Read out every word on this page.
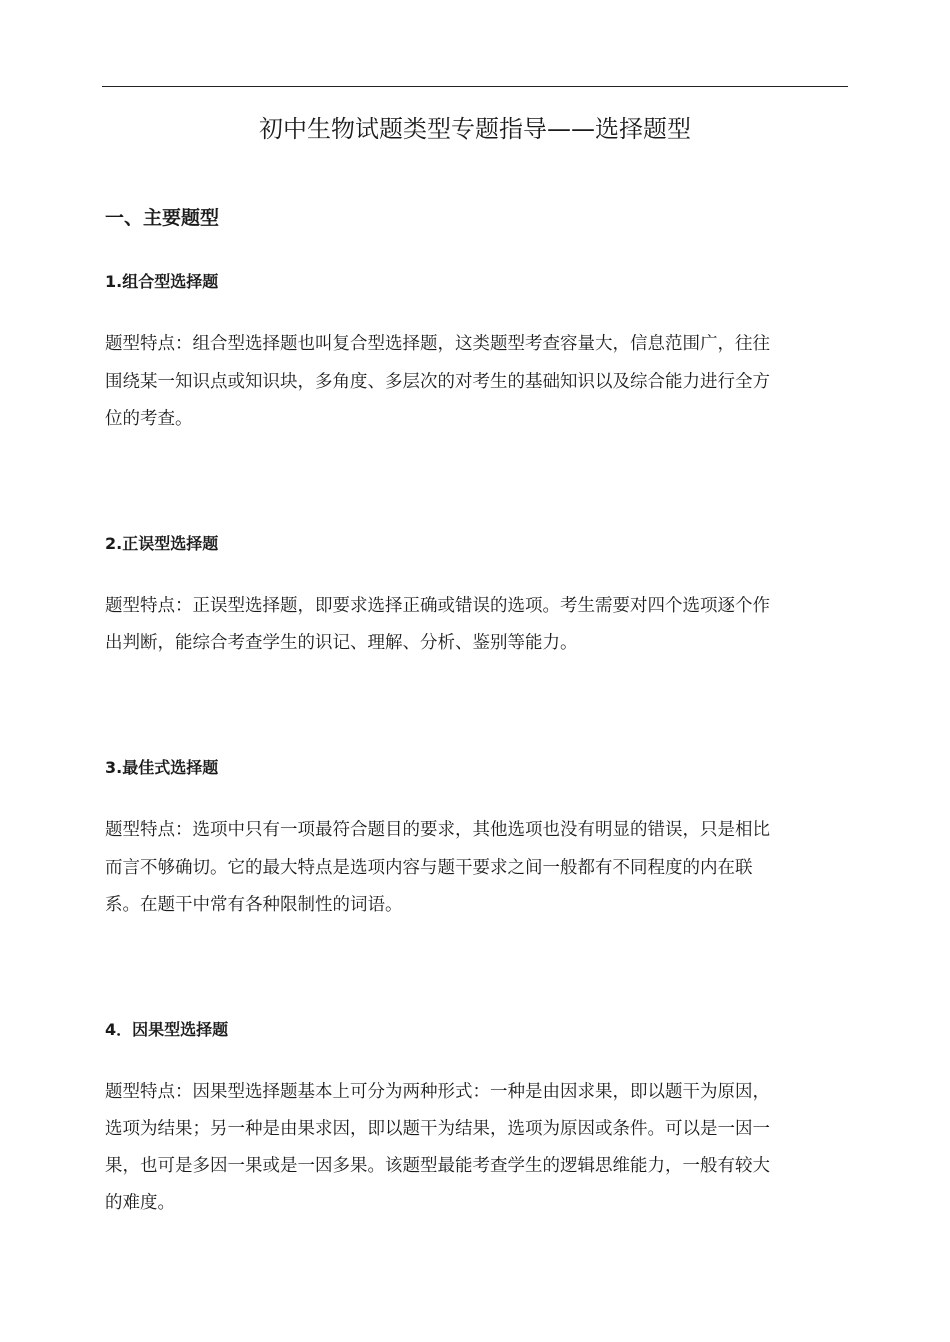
初中生物试题类型专题指导——选择题型
一、主要题型
1.组合型选择题

题型特点：组合型选择题也叫复合型选择题，这类题型考查容量大，信息范围广，往往

围绕某一知识点或知识块，多角度、多层次的对考生的基础知识以及综合能力进行全方

位的考查。

2.正误型选择题

题型特点：正误型选择题，即要求选择正确或错误的选项。考生需要对四个选项逐个作

出判断，能综合考查学生的识记、理解、分析、鉴别等能力。

3.最佳式选择题

题型特点：选项中只有一项最符合题目的要求，其他选项也没有明显的错误，只是相比

而言不够确切。它的最大特点是选项内容与题干要求之间一般都有不同程度的内在联

系。在题干中常有各种限制性的词语。

4．因果型选择题

题型特点：因果型选择题基本上可分为两种形式：一种是由因求果，即以题干为原因，

选项为结果；另一种是由果求因，即以题干为结果，选项为原因或条件。可以是一因一

果，也可是多因一果或是一因多果。该题型最能考查学生的逻辑思维能力，一般有较大

的难度。
